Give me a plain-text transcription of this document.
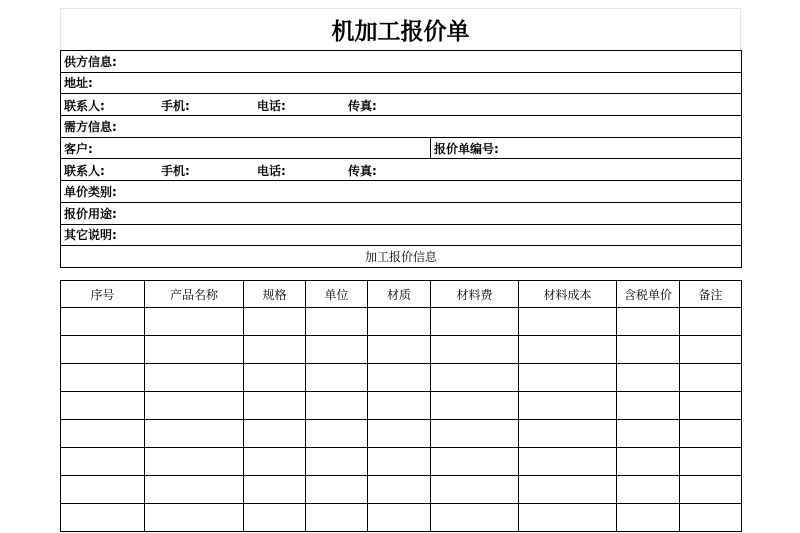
机加工报价单
供方信息:
地址:

联系人:	手机:	电话:	传真:

需方信息:
客户:	报价单编号:

联系人:	手机:	电话:	传真:

单价类别:
报价用途:
其它说明:
加工报价信息
序号	产品名称	规格	单位	材质	材料费	材料成本	含税单价	备注
